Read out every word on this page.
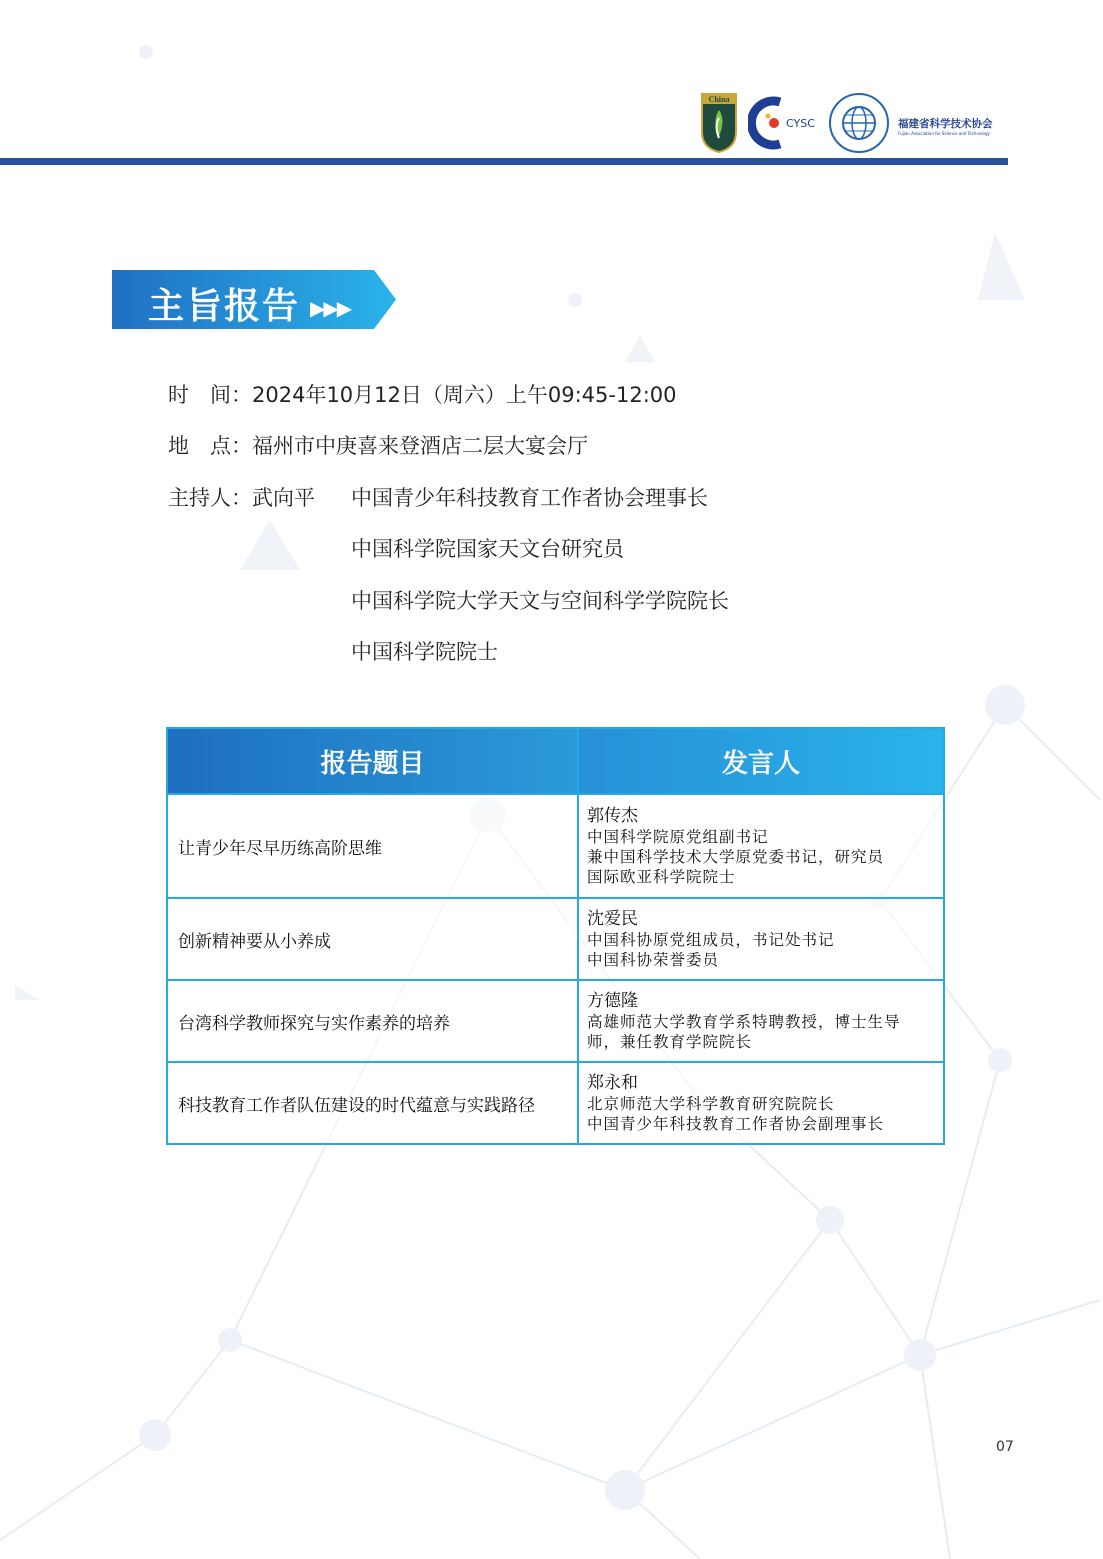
China
CYSC	福建省科学技术协会
Fujian Association for Science and Technology
主旨报告 ▶▶▶
时　间：2024年10月12日（周六）上午09:45-12:00
地　点：福州市中庚喜来登酒店二层大宴会厅
主持人：武向平 中国青少年科技教育工作者协会理事长
中国科学院国家天文台研究员
中国科学院大学天文与空间科学学院院长
中国科学院院士
报告题目	发言人
让青少年尽早历练高阶思维	郭传杰
中国科学院原党组副书记
兼中国科学技术大学原党委书记，研究员
国际欧亚科学院院士

创新精神要从小养成	沈爱民
中国科协原党组成员，书记处书记
中国科协荣誉委员

台湾科学教师探究与实作素养的培养	方德隆
高雄师范大学教育学系特聘教授，博士生导
师，兼任教育学院院长

科技教育工作者队伍建设的时代蕴意与实践路径	郑永和
北京师范大学科学教育研究院院长
中国青少年科技教育工作者协会副理事长
07
